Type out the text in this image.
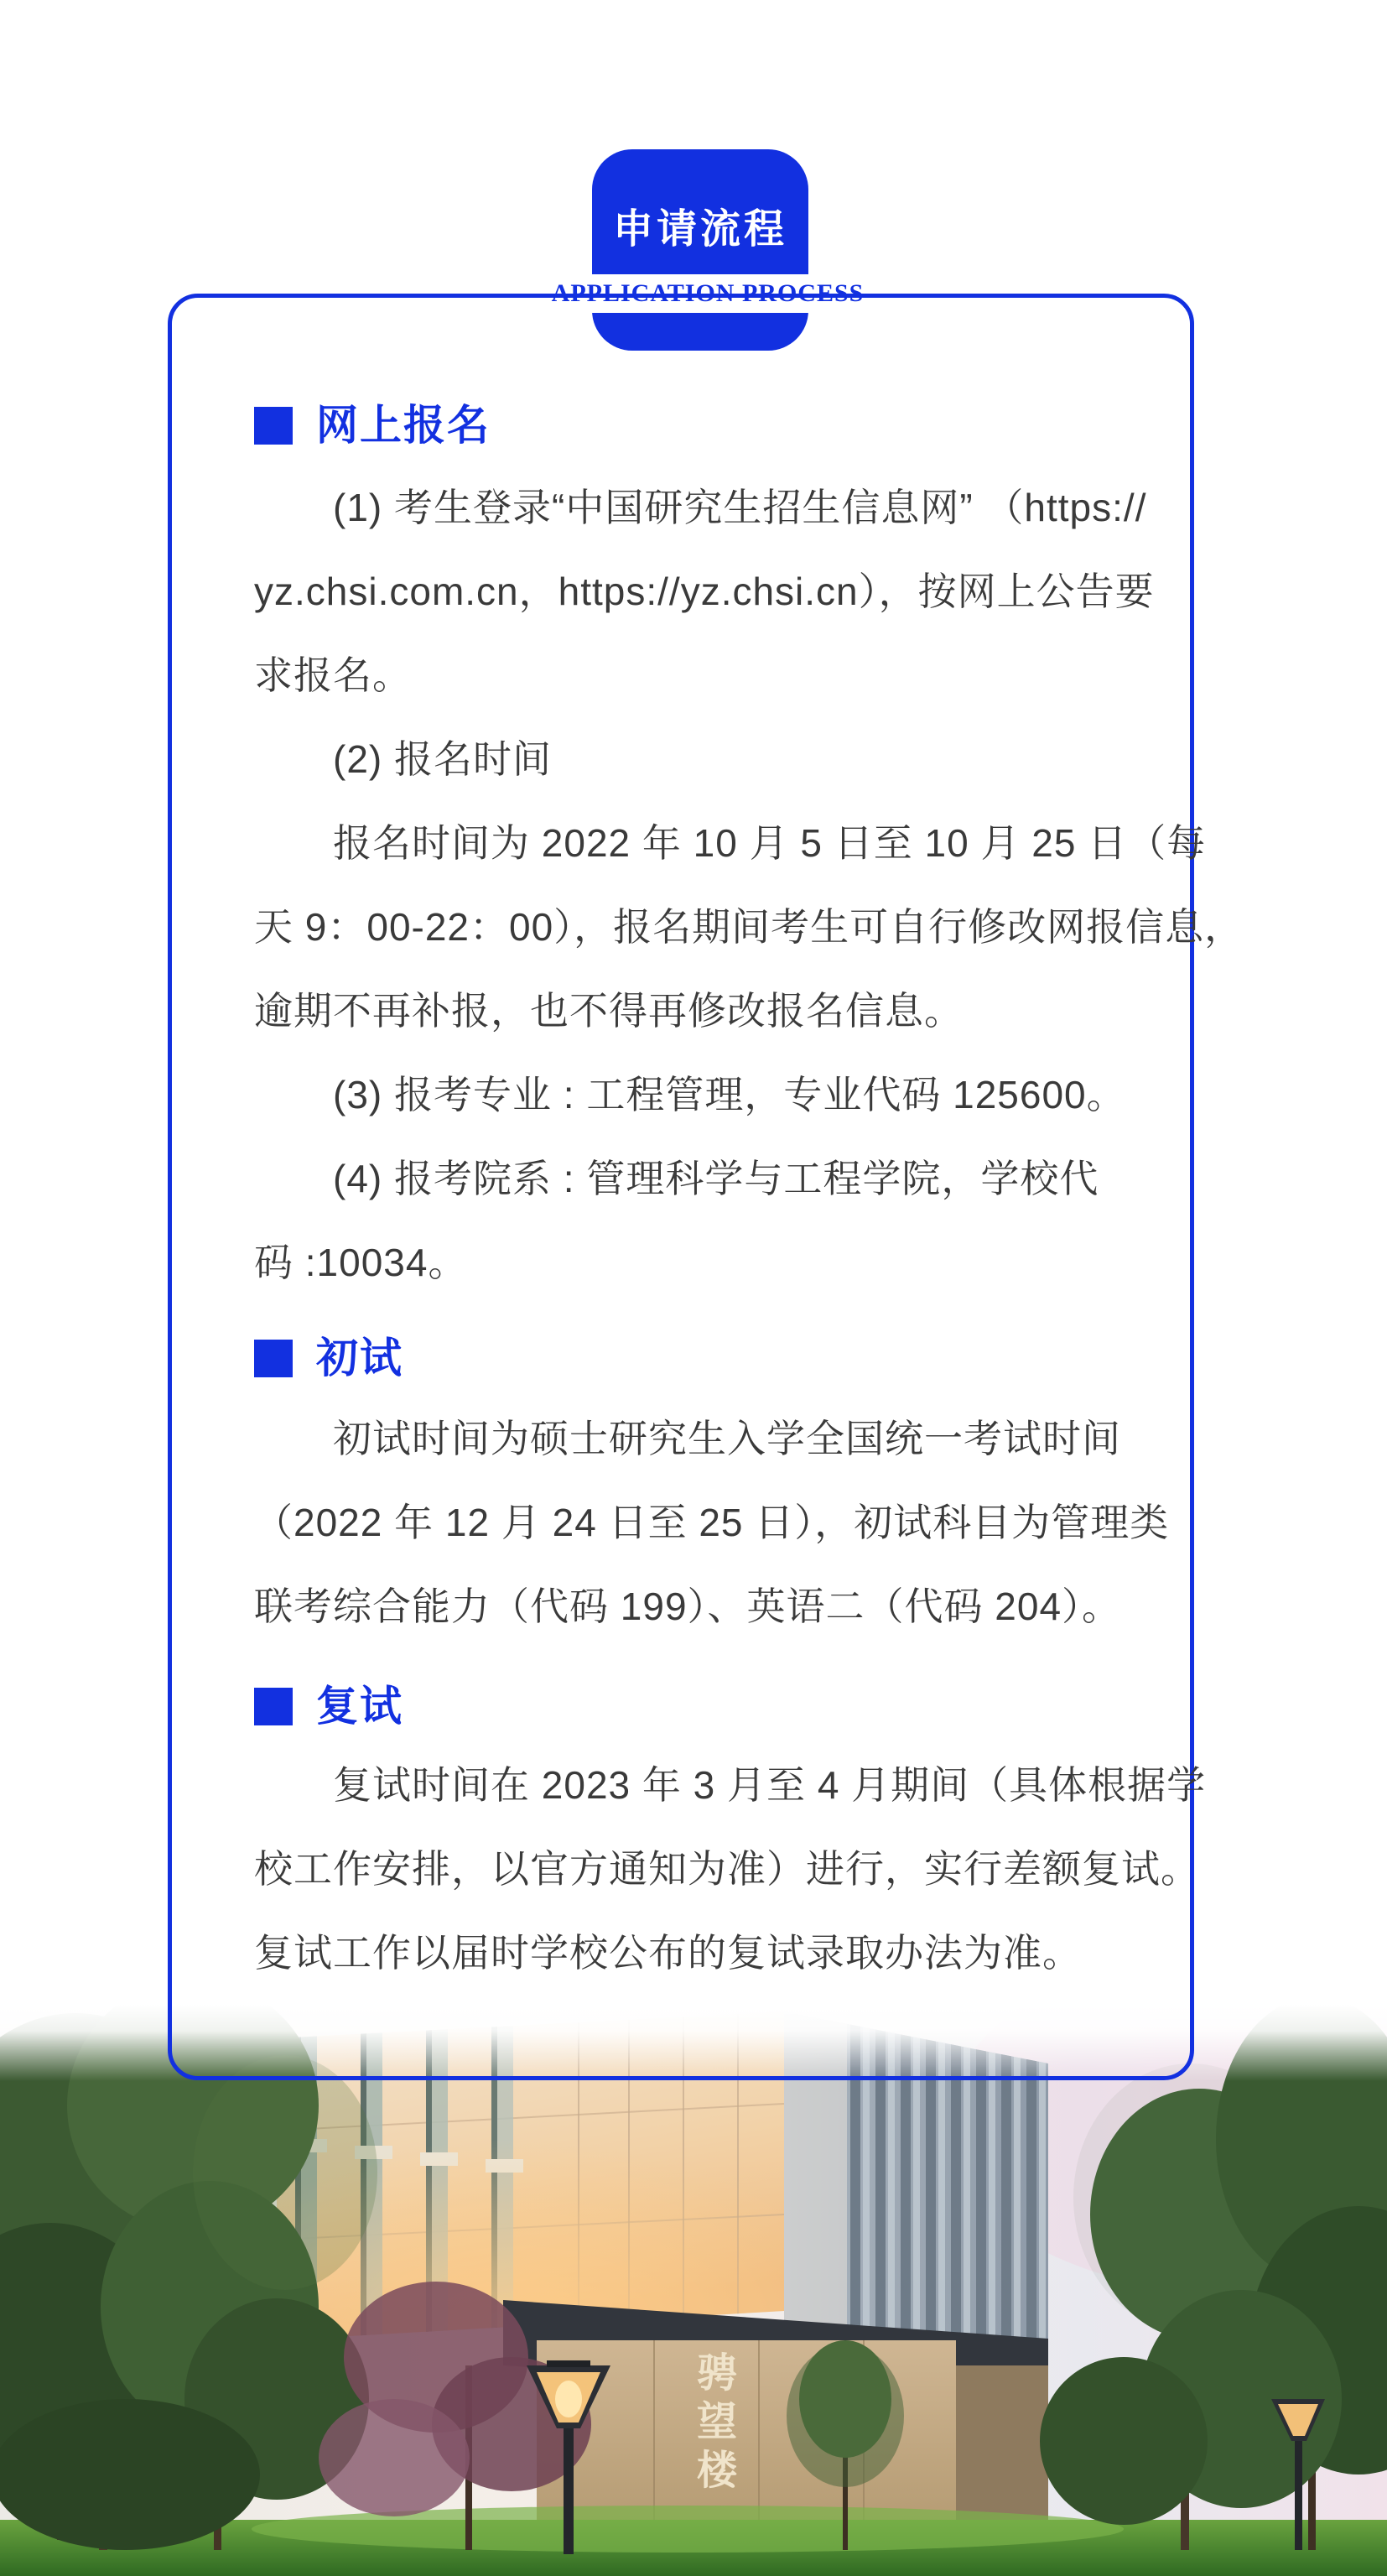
申请流程
APPLICATION PROCESS
骋
望
楼
网上报名
(1) 考生登录“中国研究生招生信息网” （https://
yz.chsi.com.cn，https://yz.chsi.cn），按网上公告要
求报名。
(2) 报名时间
报名时间为 2022 年 10 月 5 日至 10 月 25 日（每
天 9：00-22：00），报名期间考生可自行修改网报信息，
逾期不再补报，也不得再修改报名信息。
(3) 报考专业 : 工程管理，专业代码 125600。
(4) 报考院系 : 管理科学与工程学院，学校代
码 :10034。
初试
初试时间为硕士研究生入学全国统一考试时间
（2022 年 12 月 24 日至 25 日），初试科目为管理类
联考综合能力（代码 199）、英语二（代码 204）。
复试
复试时间在 2023 年 3 月至 4 月期间（具体根据学
校工作安排，以官方通知为准）进行，实行差额复试。
复试工作以届时学校公布的复试录取办法为准。
